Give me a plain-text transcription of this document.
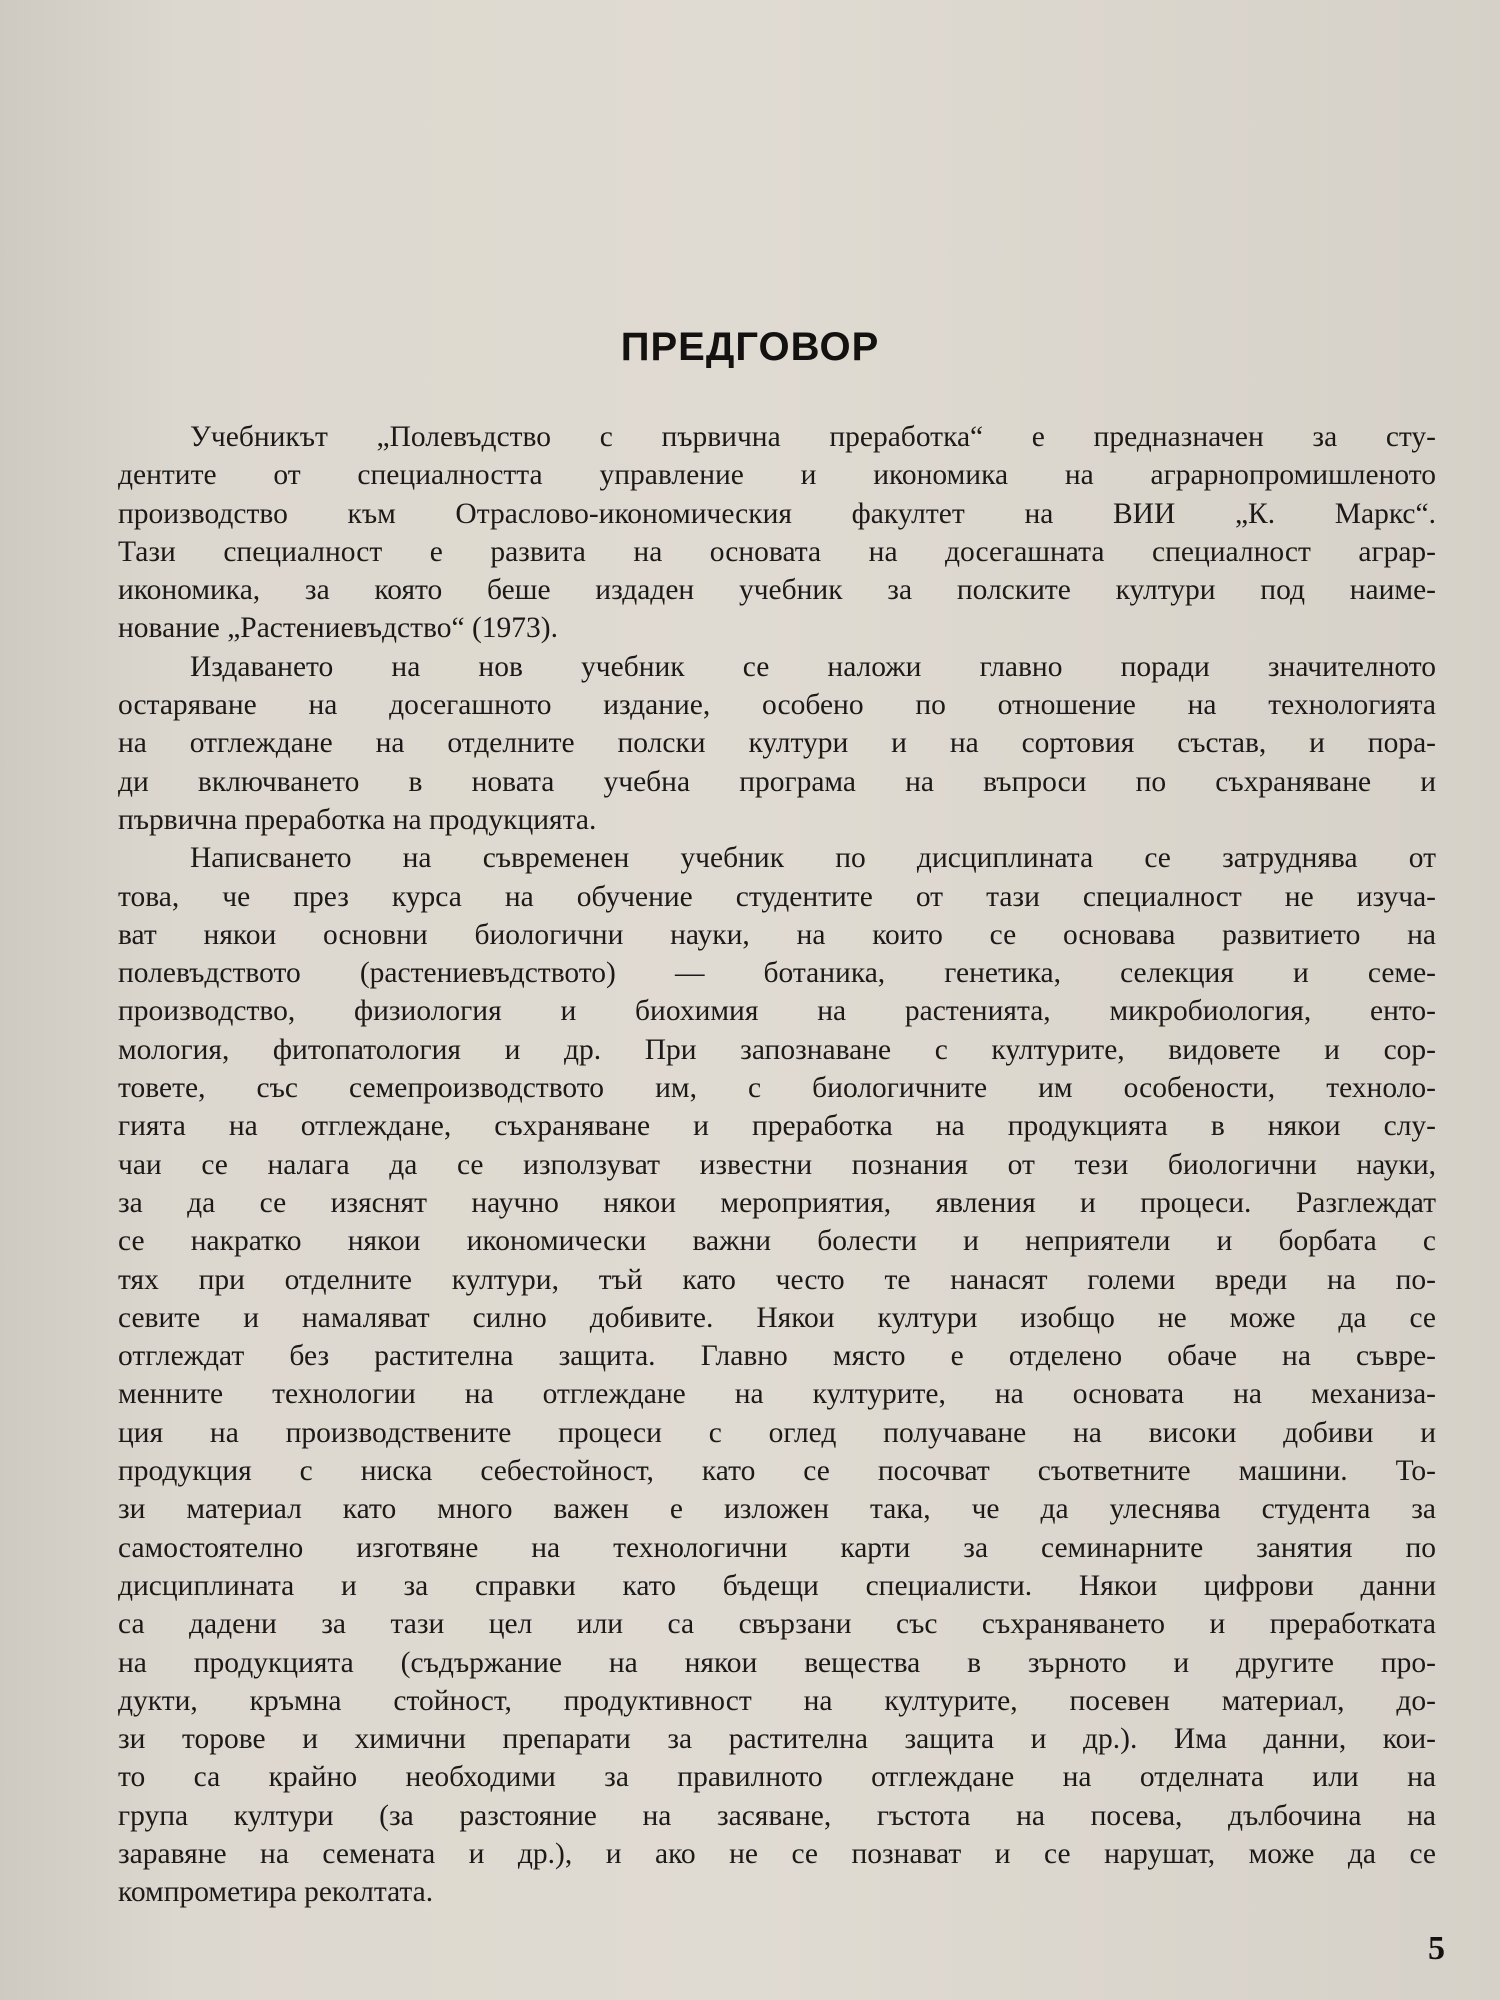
ПРЕДГОВОР
Учебникът „Полевъдство с първична преработка“ е предназначен за сту-
дентите от специалността управление и икономика на аграрнопромишленото
производство към Отраслово-икономическия факултет на ВИИ „К. Маркс“.
Тази специалност е развита на основата на досегашната специалност аграр-
икономика, за която беше издаден учебник за полските култури под наиме-
нование „Растениевъдство“ (1973).
Издаването на нов учебник се наложи главно поради значителното
остаряване на досегашното издание, особено по отношение на технологията
на отглеждане на отделните полски култури и на сортовия състав, и пора-
ди включването в новата учебна програма на въпроси по съхраняване и
първична преработка на продукцията.
Написването на съвременен учебник по дисциплината се затруднява от
това, че през курса на обучение студентите от тази специалност не изуча-
ват някои основни биологични науки, на които се основава развитието на
полевъдството (растениевъдството) — ботаника, генетика, селекция и семе-
производство, физиология и биохимия на растенията, микробиология, енто-
мология, фитопатология и др. При запознаване с културите, видовете и сор-
товете, със семепроизводството им, с биологичните им особености, техноло-
гията на отглеждане, съхраняване и преработка на продукцията в някои слу-
чаи се налага да се използуват известни познания от тези биологични науки,
за да се изяснят научно някои мероприятия, явления и процеси. Разглеждат
се накратко някои икономически важни болести и неприятели и борбата с
тях при отделните култури, тъй като често те нанасят големи вреди на по-
севите и намаляват силно добивите. Някои култури изобщо не може да се
отглеждат без растителна защита. Главно място е отделено обаче на съвре-
менните технологии на отглеждане на културите, на основата на механиза-
ция на производствените процеси с оглед получаване на високи добиви и
продукция с ниска себестойност, като се посочват съответните машини. То-
зи материал като много важен е изложен така, че да улеснява студента за
самостоятелно изготвяне на технологични карти за семинарните занятия по
дисциплината и за справки като бъдещи специалисти. Някои цифрови данни
са дадени за тази цел или са свързани със съхраняването и преработката
на продукцията (съдържание на някои вещества в зърното и другите про-
дукти, кръмна стойност, продуктивност на културите, посевен материал, до-
зи торове и химични препарати за растителна защита и др.). Има данни, кои-
то са крайно необходими за правилното отглеждане на отделната или на
група култури (за разстояние на засяване, гъстота на посева, дълбочина на
заравяне на семената и др.), и ако не се познават и се нарушат, може да се
компрометира реколтата.
5
